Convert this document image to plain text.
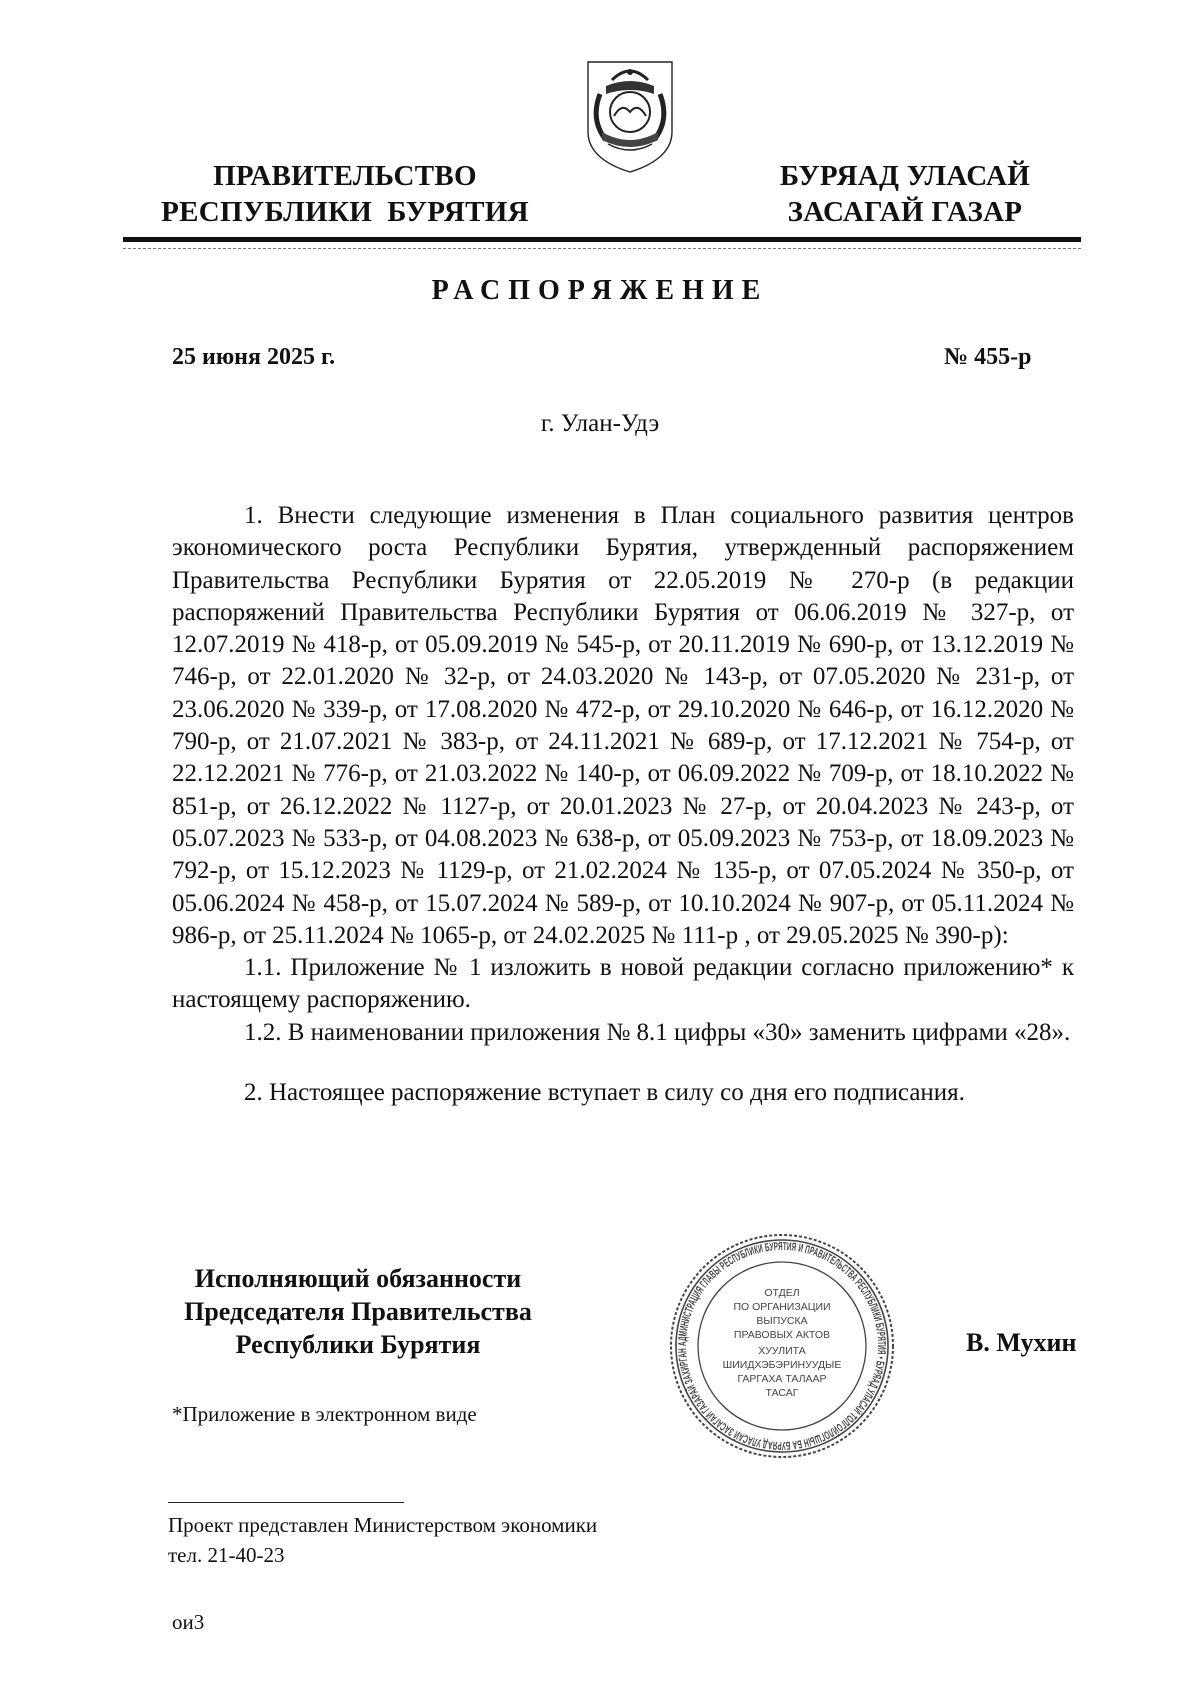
ПРАВИТЕЛЬСТВО
РЕСПУБЛИКИ  БУРЯТИЯ
БУРЯАД УЛАСАЙ
ЗАСАГАЙ ГАЗАР
РАСПОРЯЖЕНИЕ
25 июня 2025 г.	№ 455-р
г. Улан-Удэ

1. Внести следующие изменения в План социального развития центров экономического роста Республики Бурятия, утвержденный распоряжением Правительства Республики Бурятия от 22.05.2019 № 270-р (в редакции распоряжений Правительства Республики Бурятия от 06.06.2019 № 327-р, от 12.07.2019 № 418-р, от 05.09.2019 № 545-р, от 20.11.2019 № 690-р, от 13.12.2019 № 746-р, от 22.01.2020 № 32-р, от 24.03.2020 № 143-р, от 07.05.2020 № 231-р, от 23.06.2020 № 339-р, от 17.08.2020 № 472-р, от 29.10.2020 № 646-р, от 16.12.2020 № 790-р, от 21.07.2021 № 383-р, от 24.11.2021 № 689-р, от 17.12.2021 № 754-р, от 22.12.2021 № 776-р, от 21.03.2022 № 140-р, от 06.09.2022 № 709-р, от 18.10.2022 № 851-р, от 26.12.2022 № 1127-р, от 20.01.2023 № 27-р, от 20.04.2023 № 243-р, от 05.07.2023 № 533-р, от 04.08.2023 № 638-р, от 05.09.2023 № 753-р, от 18.09.2023 № 792-р, от 15.12.2023 № 1129-р, от 21.02.2024 № 135-р, от 07.05.2024 № 350-р, от 05.06.2024 № 458-р, от 15.07.2024 № 589-р, от 10.10.2024 № 907-р, от 05.11.2024 № 986-р, от 25.11.2024 № 1065-р, от 24.02.2025 № 111-р , от 29.05.2025 № 390-р):

1.1. Приложение № 1 изложить в новой редакции согласно приложению* к настоящему распоряжению.

1.2. В наименовании приложения № 8.1 цифры «30» заменить цифрами «28».

2. Настоящее распоряжение вступает в силу со дня его подписания.

Исполняющий обязанности
Председателя Правительства
Республики Бурятия	АДМИНИСТРАЦИЯ ГЛАВЫ РЕСПУБЛИКИ БУРЯТИЯ И ПРАВИТЕЛЬСТВА РЕСПУБЛИКИ БУРЯТИЯ • БУРЯАД УЛАСАЙ ТОЛГОЙЛОГШЫН БА БУРЯАД УЛАСАЙ ЗАСАГАЙ ГАЗАРАЙ ЗАХИРГАН
ОТДЕЛ
ПО ОРГАНИЗАЦИИ
ВЫПУСКА
ПРАВОВЫХ АКТОВ
ХУУЛИТА
ШИИДХЭБЭРИНУУДЫЕ
ГАРГАХА ТАЛААР
ТАСАГ
В. Мухин
*Приложение в электронном виде
Проект представлен Министерством экономики
тел. 21-40-23
ои3
